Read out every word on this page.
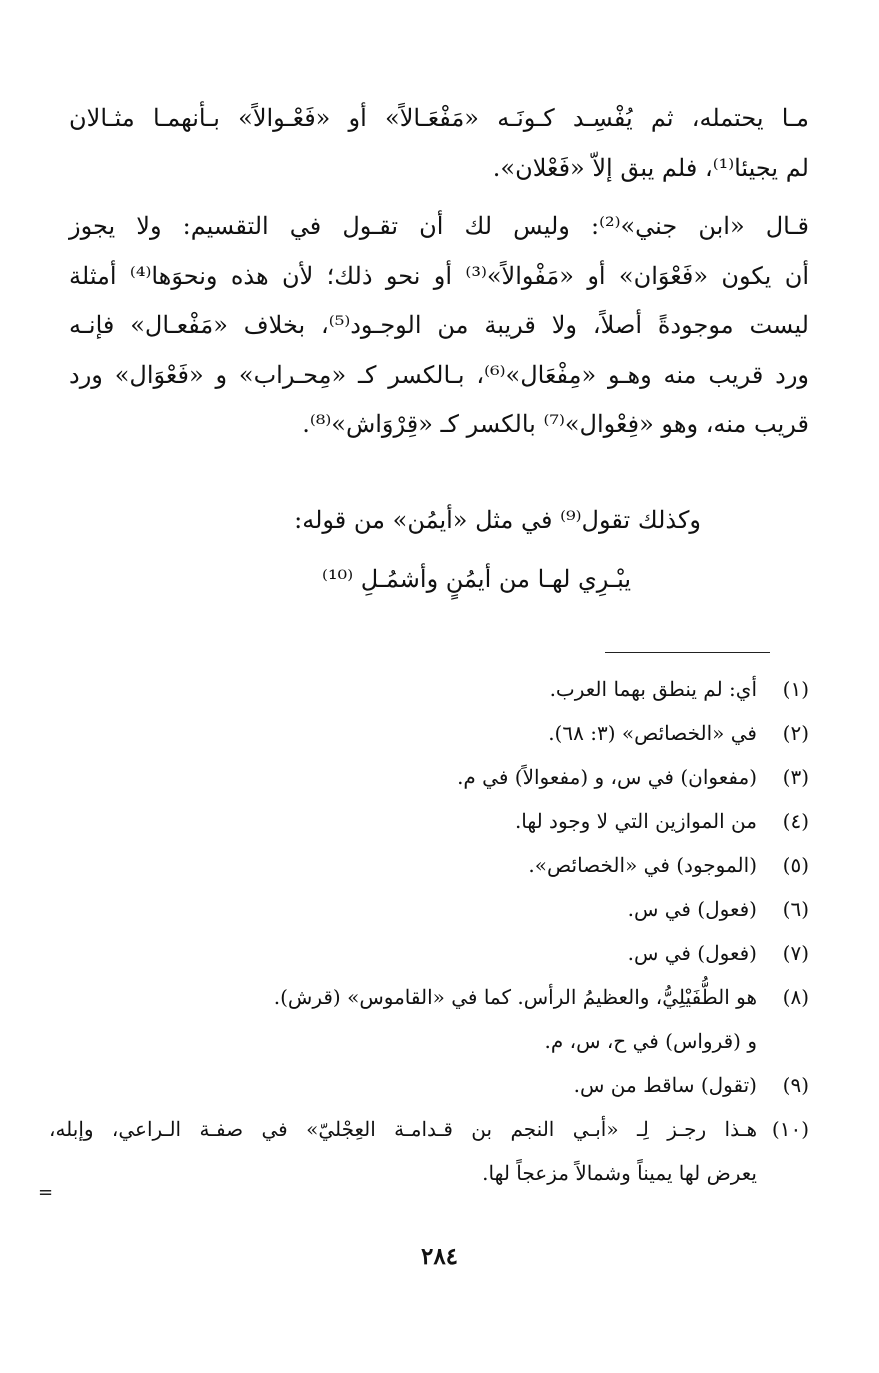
مـا يحتمله، ثم يُفْسِـد كـونَـه «مَفْعَـالاً» أو «فَعْـوالاً» بـأنهمـا مثـالان
لم يجيئا⁽¹⁾، فلم يبق إلاّ «فَعْلان».
قـال «ابن جني»⁽²⁾: وليس لك أن تقـول في التقسيم: ولا يجوز
أن يكون «فَعْوَان» أو «مَفْوالاً»⁽³⁾ أو نحو ذلك؛ لأن هذه ونحوَها⁽⁴⁾ أمثلة
ليست موجودةً أصلاً، ولا قريبة من الوجـود⁽⁵⁾، بخلاف «مَفْعـال» فإنـه
ورد قريب منه وهـو «مِفْعَال»⁽⁶⁾، بـالكسر كـ «مِحـراب» و «فَعْوَال» ورد
قريب منه، وهو «فِعْوال»⁽⁷⁾ بالكسر كـ «قِرْوَاش»⁽⁸⁾.
وكذلك تقول⁽⁹⁾ في مثل «أيمُن» من قوله:
يبْـرِي لهـا من أيمُنٍ وأشمُـلِ ⁽¹⁰⁾
(١)
أي: لم ينطق بهما العرب.
(٢)
في «الخصائص» (٣: ٦٨).
(٣)
(مفعوان) في س، و (مفعوالاً) في م.
(٤)
من الموازين التي لا وجود لها.
(٥)
(الموجود) في «الخصائص».
(٦)
(فعول) في س.
(٧)
(فعول) في س.
(٨)
هو الطُّفَيْلِيُّ، والعظيمُ الرأس. كما في «القاموس» (قرش).
و (قرواس) في ح، س، م.
(٩)
(تقول) ساقط من س.
(١٠)
هـذا رجـز لِـ «أبـي النجم بن قـدامـة العِجْليّ» في صفـة الـراعي، وإبله،
يعرض لها يميناً وشمالاً مزعجاً لها.
=
٢٨٤
